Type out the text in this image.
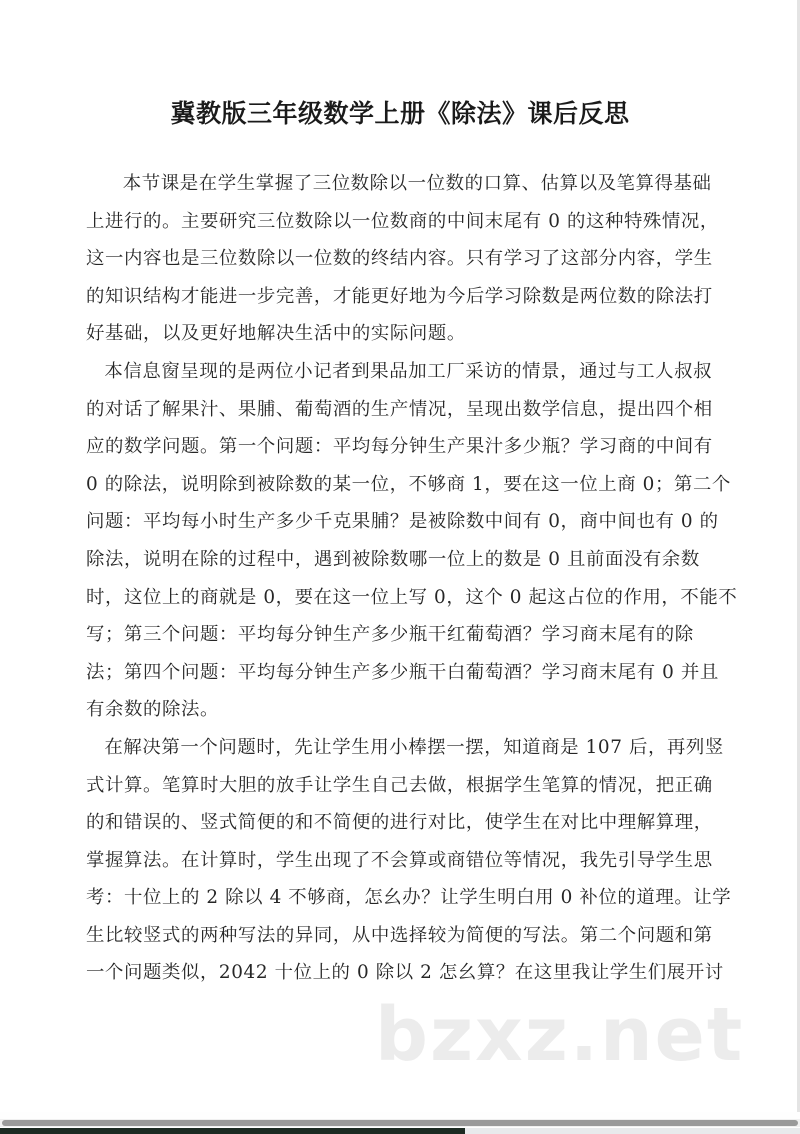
冀教版三年级数学上册《除法》课后反思

本节课是在学生掌握了三位数除以一位数的口算、估算以及笔算得基础
上进行的。主要研究三位数除以一位数商的中间末尾有 0 的这种特殊情况，
这一内容也是三位数除以一位数的终结内容。只有学习了这部分内容，学生
的知识结构才能进一步完善，才能更好地为今后学习除数是两位数的除法打
好基础，以及更好地解决生活中的实际问题。

本信息窗呈现的是两位小记者到果品加工厂采访的情景，通过与工人叔叔
的对话了解果汁、果脯、葡萄酒的生产情况，呈现出数学信息，提出四个相
应的数学问题。第一个问题：平均每分钟生产果汁多少瓶？学习商的中间有
0 的除法，说明除到被除数的某一位，不够商 1，要在这一位上商 0；第二个
问题：平均每小时生产多少千克果脯？是被除数中间有 0，商中间也有 0 的
除法，说明在除的过程中，遇到被除数哪一位上的数是 0 且前面没有余数
时，这位上的商就是 0，要在这一位上写 0，这个 0 起这占位的作用，不能不
写；第三个问题：平均每分钟生产多少瓶干红葡萄酒？学习商末尾有的除
法；第四个问题：平均每分钟生产多少瓶干白葡萄酒？学习商末尾有 0 并且
有余数的除法。

在解决第一个问题时，先让学生用小棒摆一摆，知道商是 107 后，再列竖
式计算。笔算时大胆的放手让学生自己去做，根据学生笔算的情况，把正确
的和错误的、竖式简便的和不简便的进行对比，使学生在对比中理解算理，
掌握算法。在计算时，学生出现了不会算或商错位等情况，我先引导学生思
考：十位上的 2 除以 4 不够商，怎幺办？让学生明白用 0 补位的道理。让学
生比较竖式的两种写法的异同，从中选择较为简便的写法。第二个问题和第
一个问题类似，2042 十位上的 0 除以 2 怎幺算？在这里我让学生们展开讨

bzxz.net
